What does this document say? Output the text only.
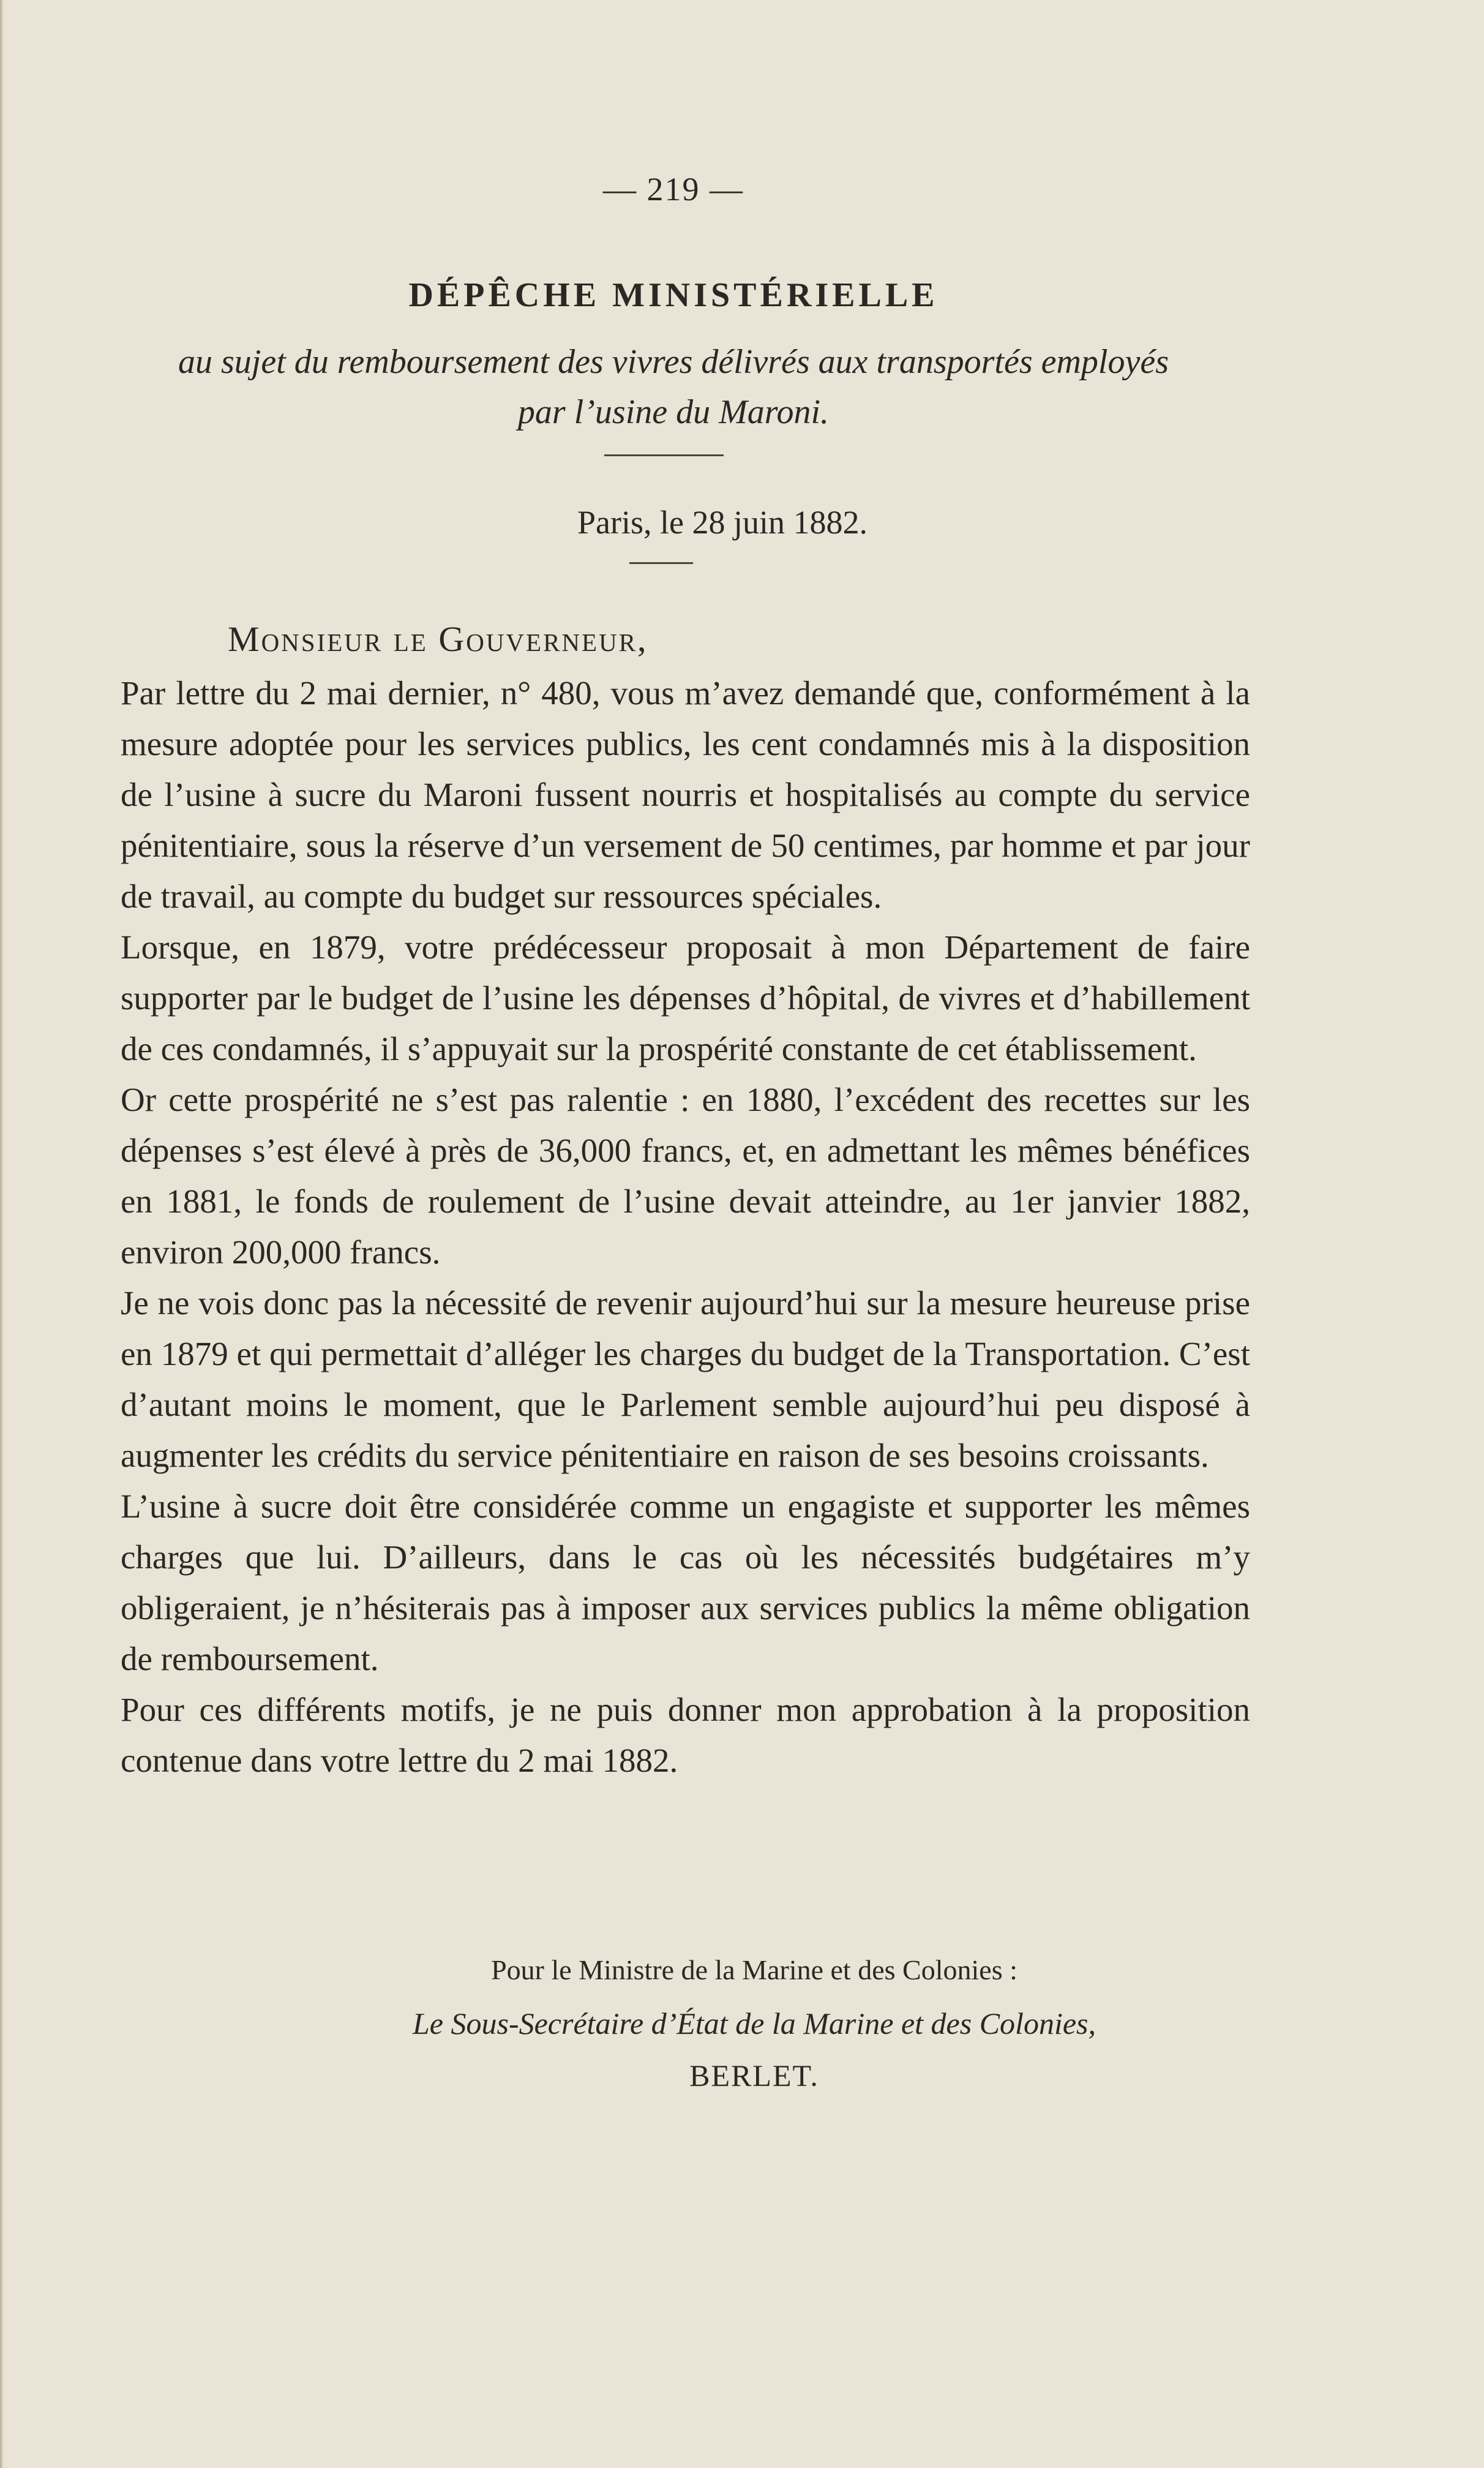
— 219 —
DÉPÊCHE MINISTÉRIELLE
au sujet du remboursement des vivres délivrés aux transportés employés par l’usine du Maroni.
Paris, le 28 juin 1882.
Monsieur le Gouverneur,

Par lettre du 2 mai dernier, n° 480, vous m’avez demandé que, conformément à la mesure adoptée pour les services publics, les cent condamnés mis à la disposition de l’usine à sucre du Maroni fussent nourris et hospitalisés au compte du service pénitentiaire, sous la réserve d’un versement de 50 centimes, par homme et par jour de travail, au compte du budget sur ressources spéciales.

Lorsque, en 1879, votre prédécesseur proposait à mon Département de faire supporter par le budget de l’usine les dépenses d’hôpital, de vivres et d’habillement de ces condamnés, il s’appuyait sur la prospérité constante de cet établissement.

Or cette prospérité ne s’est pas ralentie : en 1880, l’excédent des recettes sur les dépenses s’est élevé à près de 36,000 francs, et, en admettant les mêmes bénéfices en 1881, le fonds de roulement de l’usine devait atteindre, au 1er janvier 1882, environ 200,000 francs.

Je ne vois donc pas la nécessité de revenir aujourd’hui sur la mesure heureuse prise en 1879 et qui permettait d’alléger les charges du budget de la Transportation. C’est d’autant moins le moment, que le Parlement semble aujourd’hui peu disposé à augmenter les crédits du service pénitentiaire en raison de ses besoins croissants.

L’usine à sucre doit être considérée comme un engagiste et supporter les mêmes charges que lui. D’ailleurs, dans le cas où les nécessités budgétaires m’y obligeraient, je n’hésiterais pas à imposer aux services publics la même obligation de remboursement.

Pour ces différents motifs, je ne puis donner mon approbation à la proposition contenue dans votre lettre du 2 mai 1882.

Pour le Ministre de la Marine et des Colonies :
Le Sous-Secrétaire d’État de la Marine et des Colonies,
BERLET.
